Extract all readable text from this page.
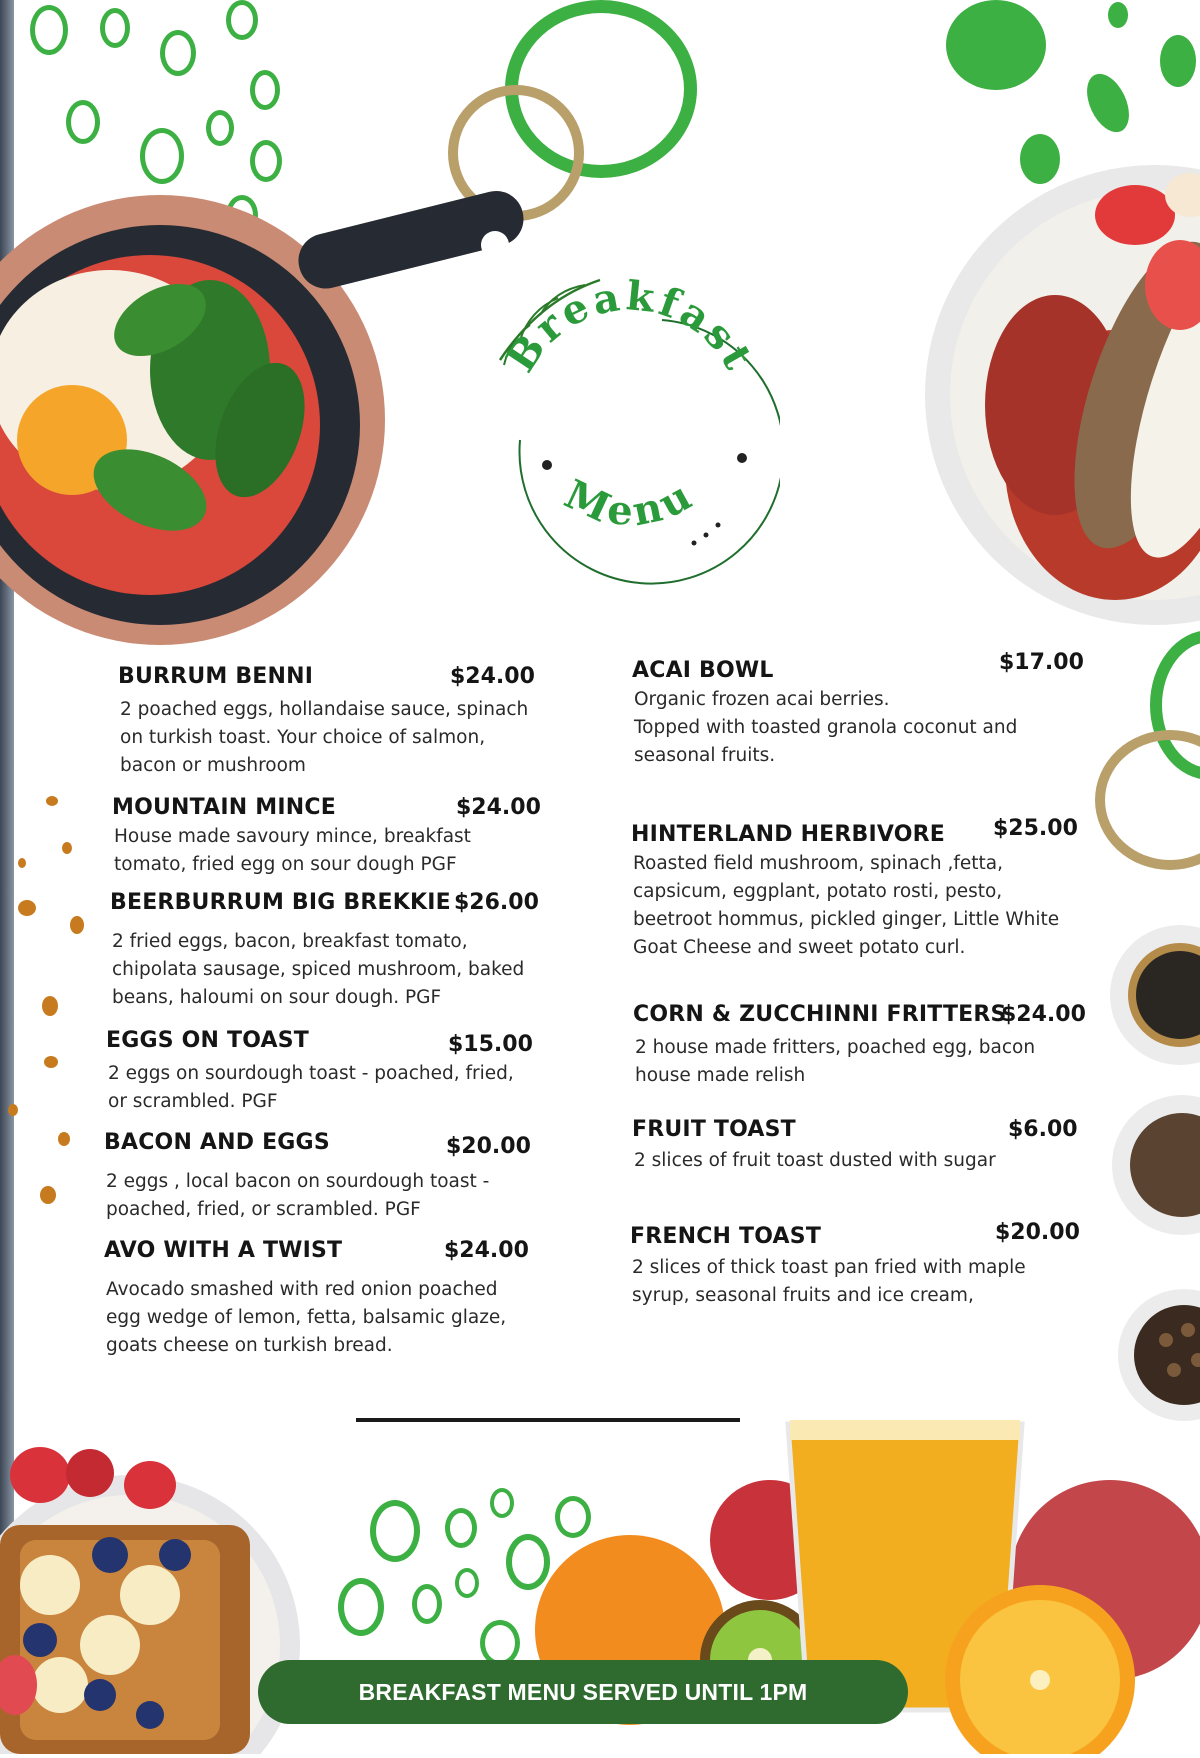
Breakfast
Menu
BURRUM BENNI	$24.00
2 poached eggs, hollandaise sauce, spinach
on turkish toast. Your choice of salmon,
bacon or mushroom
MOUNTAIN MINCE	$24.00
House made savoury mince, breakfast
tomato, fried egg on sour dough PGF
BEERBURRUM BIG BREKKIE $26.00
2 fried eggs, bacon, breakfast tomato,
chipolata sausage, spiced mushroom, baked
beans, haloumi on sour dough. PGF
EGGS ON TOAST	$15.00
2 eggs on sourdough toast - poached, fried,
or scrambled. PGF
BACON AND EGGS	$20.00
2 eggs , local bacon on sourdough toast -
poached, fried, or scrambled. PGF
AVO WITH A TWIST	$24.00
Avocado smashed with red onion poached
egg wedge of lemon, fetta, balsamic glaze,
goats cheese on turkish bread.
ACAI BOWL	$17.00
Organic frozen acai berries.
Topped with toasted granola coconut and
seasonal fruits.
HINTERLAND HERBIVORE $25.00
Roasted field mushroom, spinach ,fetta,
capsicum, eggplant, potato rosti, pesto,
beetroot hommus, pickled ginger, Little White
Goat Cheese and sweet potato curl.
CORN & ZUCCHINNI FRITTERS
$24.00
2 house made fritters, poached egg, bacon
house made relish
FRUIT TOAST	$6.00
2 slices of fruit toast dusted with sugar
FRENCH TOAST	$20.00
2 slices of thick toast pan fried with maple
syrup, seasonal fruits and ice cream,
BREAKFAST MENU SERVED UNTIL 1PM
